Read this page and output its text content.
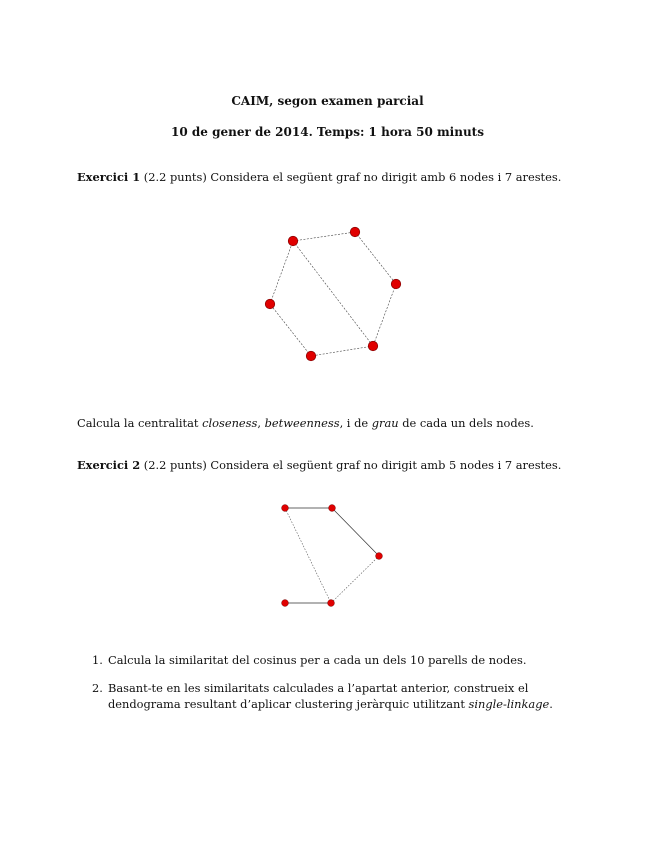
CAIM, segon examen parcial
10 de gener de 2014. Temps: 1 hora 50 minuts
Exercici 1 (2.2 punts) Considera el següent graf no dirigit amb 6 nodes i 7 arestes.
Calcula la centralitat closeness, betweenness, i de grau de cada un dels nodes.
Exercici 2 (2.2 punts) Considera el següent graf no dirigit amb 5 nodes i 7 arestes.
1. Calcula la similaritat del cosinus per a cada un dels 10 parells de nodes.
2. Basant-te en les similaritats calculades a l’apartat anterior, construeix el dendograma resultant d’aplicar clustering jeràrquic utilitzant single-linkage.
